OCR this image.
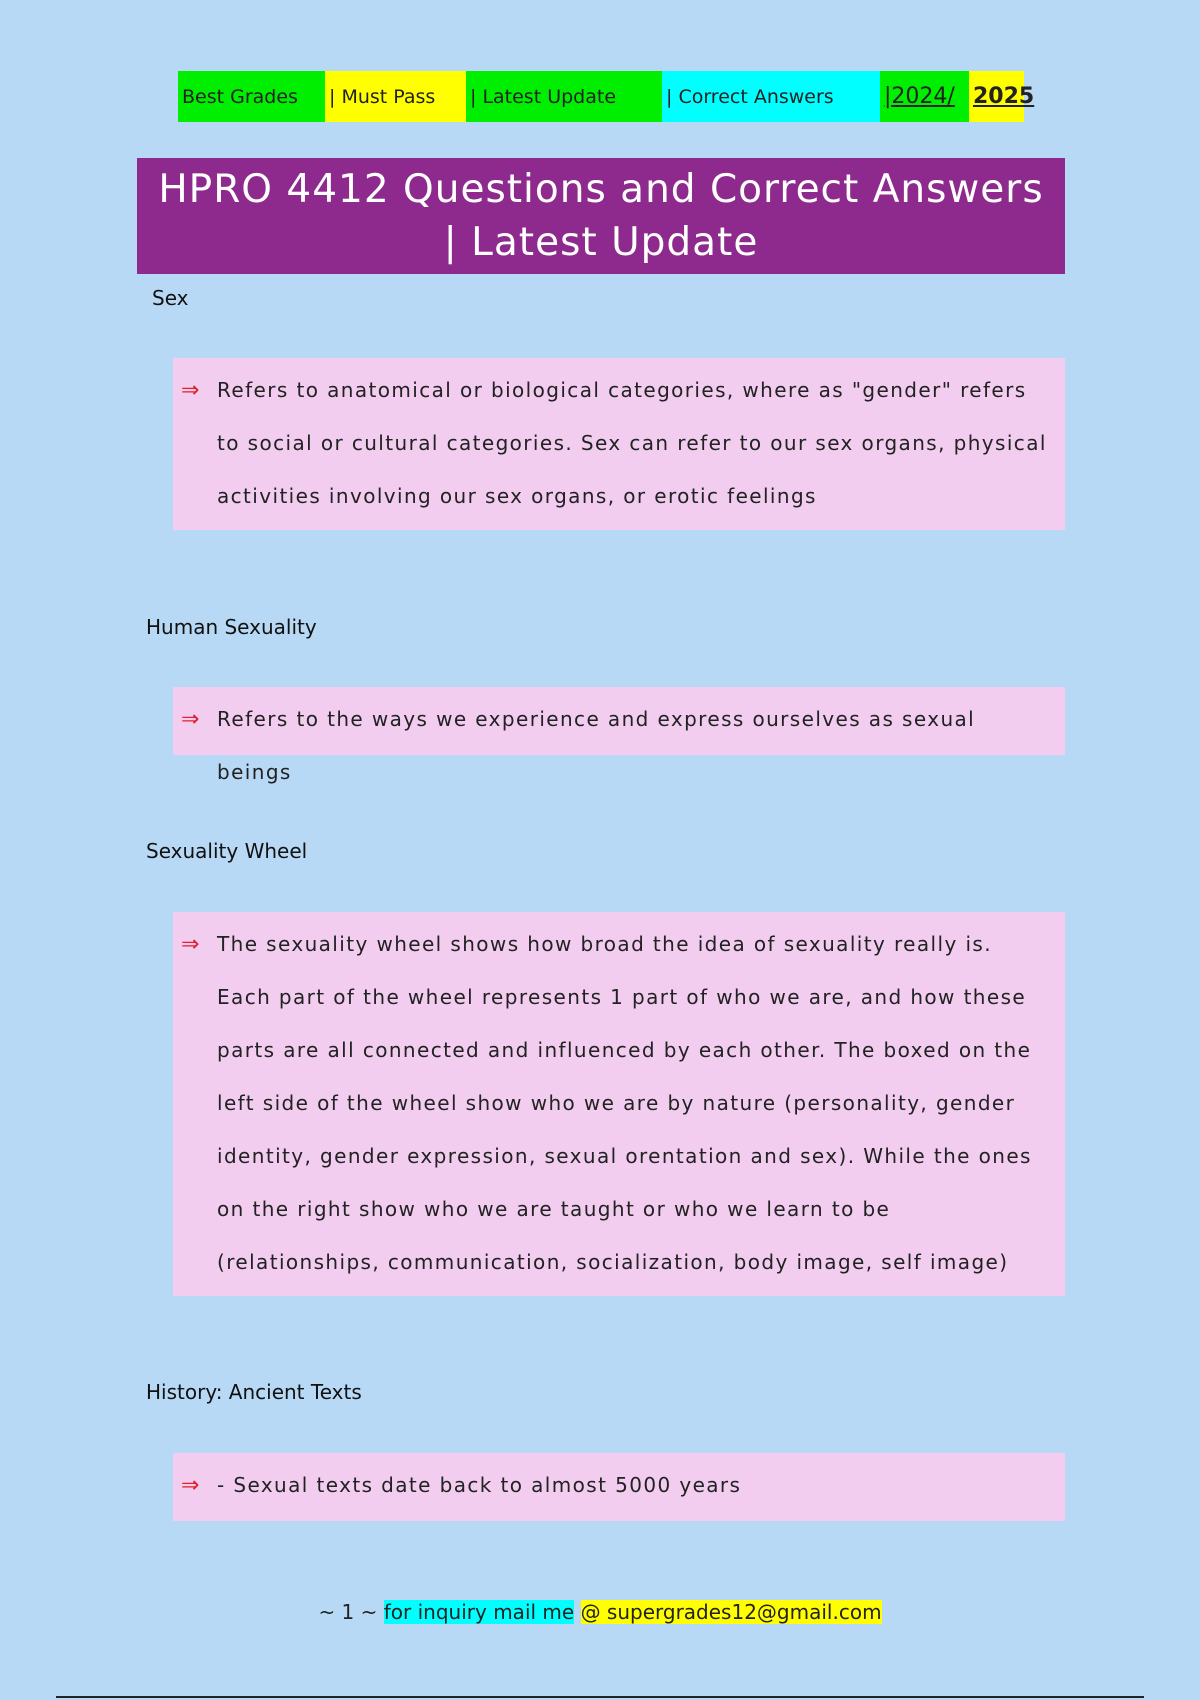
Best Grades	| Must Pass	| Latest Update	| Correct Answers	| 2024/ 2025
HPRO 4412 Questions and Correct Answers | Latest Update
Sex
⇒ Refers to anatomical or biological categories, where as "gender" refers to social or cultural categories. Sex can refer to our sex organs, physical activities involving our sex organs, or erotic feelings
Human Sexuality
⇒ Refers to the ways we experience and express ourselves as sexual beings
Sexuality Wheel
⇒ The sexuality wheel shows how broad the idea of sexuality really is. Each part of the wheel represents 1 part of who we are, and how these parts are all connected and influenced by each other. The boxed on the left side of the wheel show who we are by nature (personality, gender identity, gender expression, sexual orentation and sex). While the ones on the right show who we are taught or who we learn to be (relationships, communication, socialization, body image, self image)
History: Ancient Texts
⇒ - Sexual texts date back to almost 5000 years
~ 1 ~ for inquiry mail me @ supergrades12@gmail.com
